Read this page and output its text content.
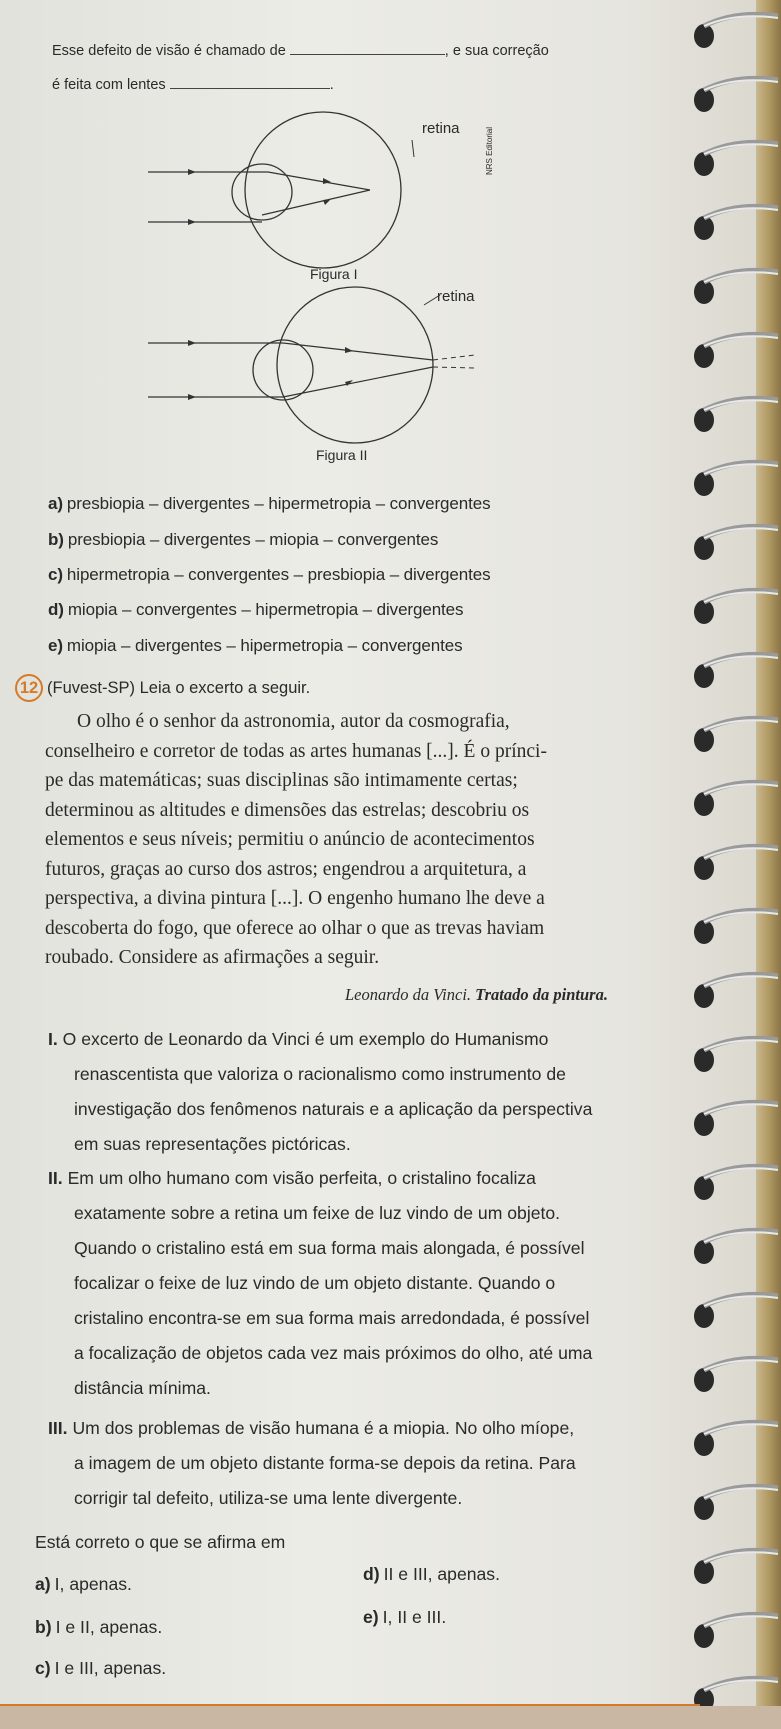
Esse defeito de visão é chamado de	, e sua correção
é feita com lentes	.
retina	NRS Editorial
Figura I
retina
Figura II
a) presbiopia – divergentes – hipermetropia – convergentes
b) presbiopia – divergentes – miopia – convergentes
c) hipermetropia – convergentes – presbiopia – divergentes
d) miopia – convergentes – hipermetropia – divergentes
e) miopia – divergentes – hipermetropia – convergentes
12 (Fuvest-SP) Leia o excerto a seguir.
O olho é o senhor da astronomia, autor da cosmografia,
conselheiro e corretor de todas as artes humanas [...]. É o prínci-
pe das matemáticas; suas disciplinas são intimamente certas;
determinou as altitudes e dimensões das estrelas; descobriu os
elementos e seus níveis; permitiu o anúncio de acontecimentos
futuros, graças ao curso dos astros; engendrou a arquitetura, a
perspectiva, a divina pintura [...]. O engenho humano lhe deve a
descoberta do fogo, que oferece ao olhar o que as trevas haviam
roubado. Considere as afirmações a seguir.
Leonardo da Vinci. Tratado da pintura.
I. O excerto de Leonardo da Vinci é um exemplo do Humanismo
renascentista que valoriza o racionalismo como instrumento de
investigação dos fenômenos naturais e a aplicação da perspectiva
em suas representações pictóricas.
II. Em um olho humano com visão perfeita, o cristalino focaliza
exatamente sobre a retina um feixe de luz vindo de um objeto.
Quando o cristalino está em sua forma mais alongada, é possível
focalizar o feixe de luz vindo de um objeto distante. Quando o
cristalino encontra-se em sua forma mais arredondada, é possível
a focalização de objetos cada vez mais próximos do olho, até uma
distância mínima.
III. Um dos problemas de visão humana é a miopia. No olho míope,
a imagem de um objeto distante forma-se depois da retina. Para
corrigir tal defeito, utiliza-se uma lente divergente.
Está correto o que se afirma em
a) I, apenas.	d) II e III, apenas.
b) I e II, apenas.	e) I, II e III.
c) I e III, apenas.
